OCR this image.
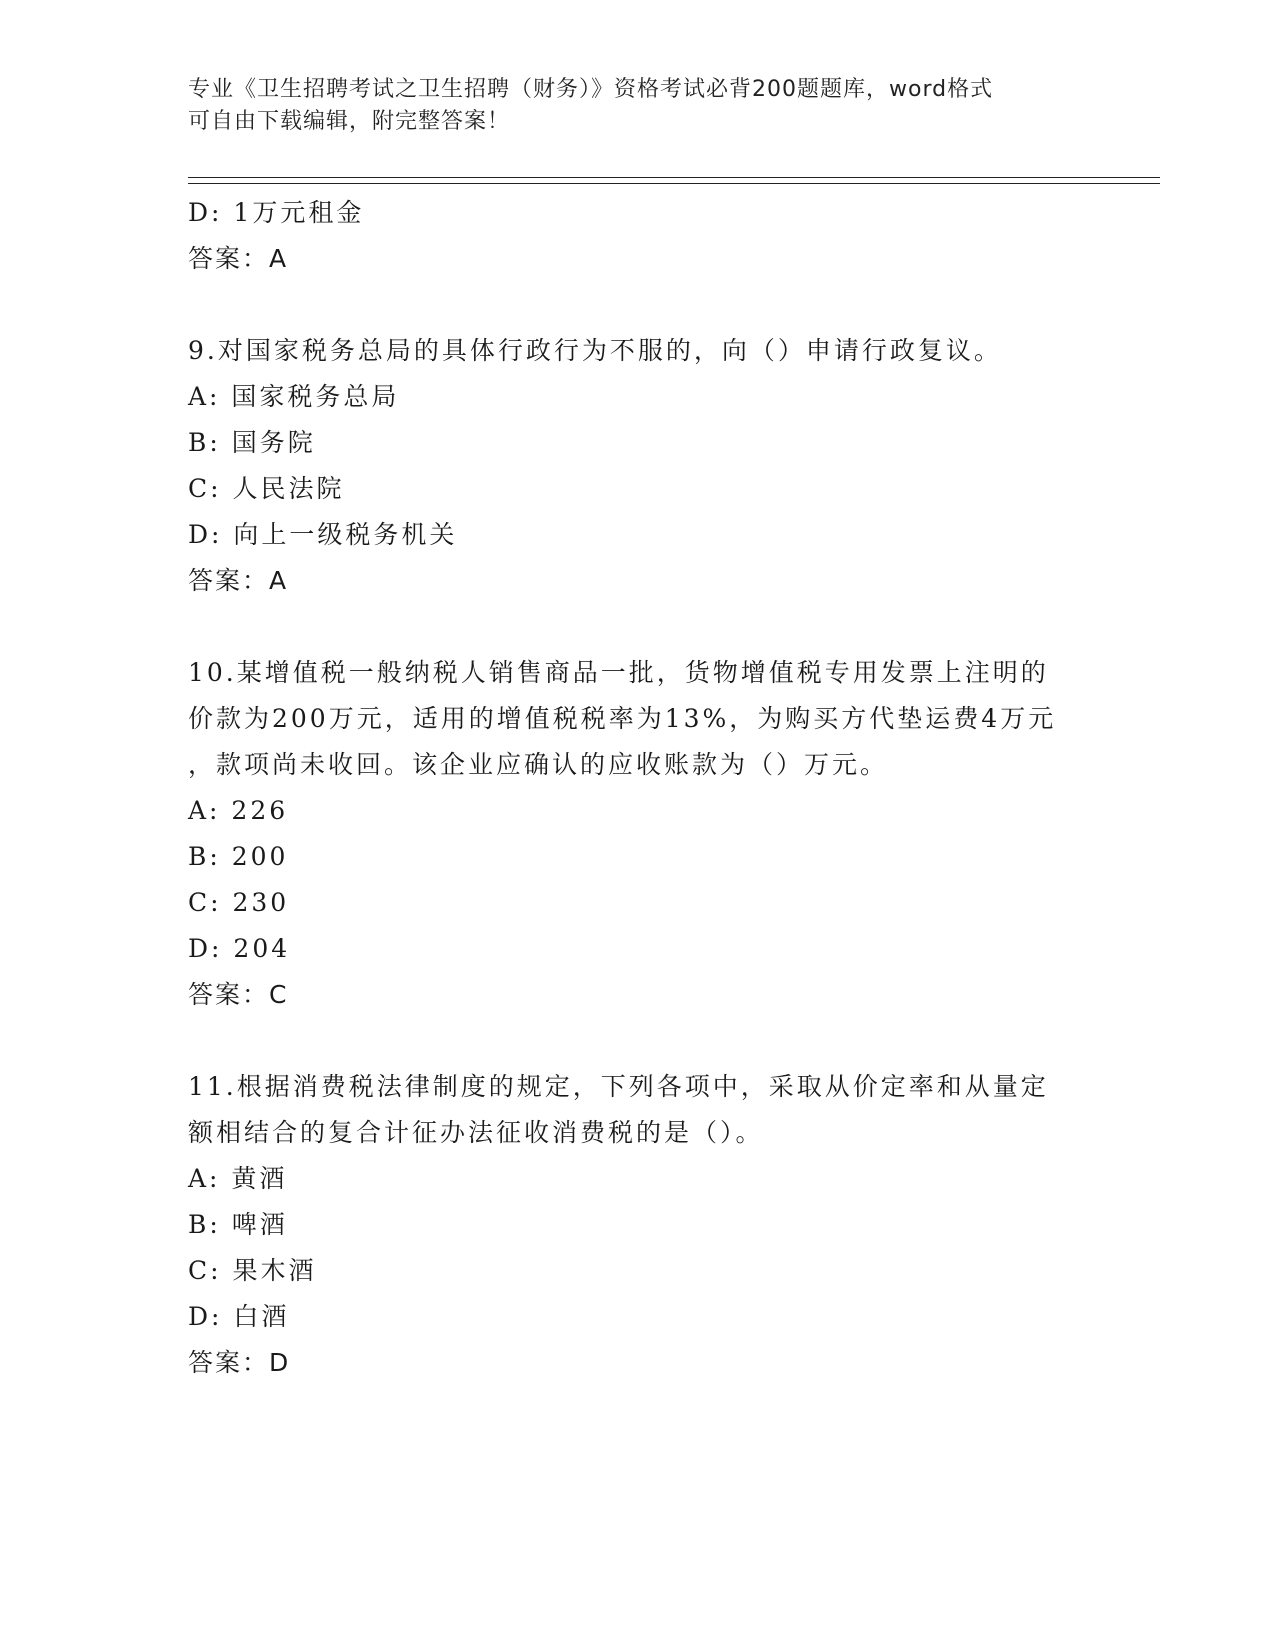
专业《卫生招聘考试之卫生招聘（财务）》资格考试必背200题题库，word格式
可自由下载编辑，附完整答案！
D: 1万元租金
答案：A
9.对国家税务总局的具体行政行为不服的，向（）申请行政复议。
A: 国家税务总局
B: 国务院
C: 人民法院
D: 向上一级税务机关
答案：A
10.某增值税一般纳税人销售商品一批，货物增值税专用发票上注明的
价款为200万元，适用的增值税税率为13%，为购买方代垫运费4万元
，款项尚未收回。该企业应确认的应收账款为（）万元。
A: 226
B: 200
C: 230
D: 204
答案：C
11.根据消费税法律制度的规定，下列各项中，采取从价定率和从量定
额相结合的复合计征办法征收消费税的是（）。
A: 黄酒
B: 啤酒
C: 果木酒
D: 白酒
答案：D
